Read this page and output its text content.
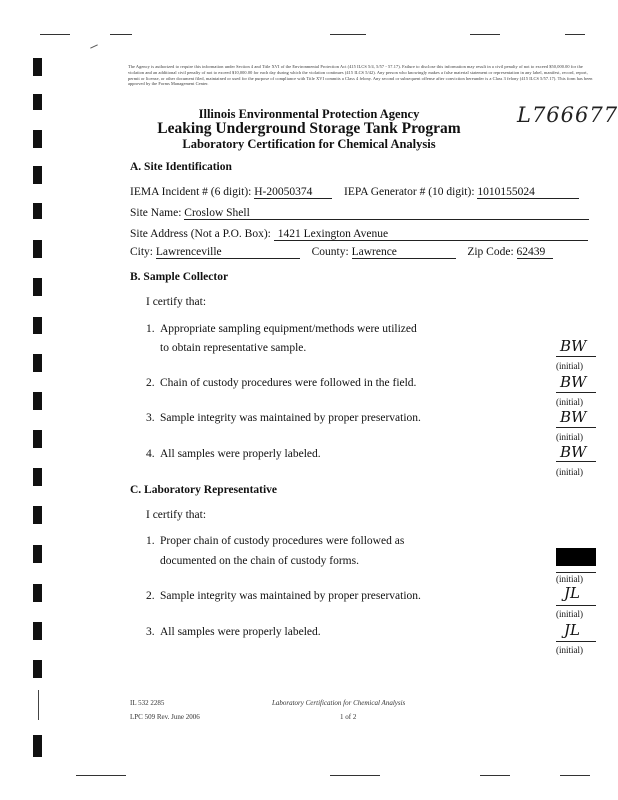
The Agency is authorized to require this information under Section 4 and Title XVI of the Environmental Protection Act (415 ILCS 5/4, 5/57 - 57.17). Failure to disclose this information may result in a civil penalty of not to exceed $50,000.00 for the violation and an additional civil penalty of not to exceed $10,000.00 for each day during which the violation continues (415 ILCS 5/42). Any person who knowingly makes a false material statement or representation in any label, manifest, record, report, permit or license, or other document filed, maintained or used for the purpose of compliance with Title XVI commits a Class 4 felony. Any second or subsequent offense after conviction hereunder is a Class 3 felony (415 ILCS 5/57.17). This form has been approved by the Forms Management Center.
L766677
Illinois Environmental Protection Agency
Leaking Underground Storage Tank Program
Laboratory Certification for Chemical Analysis
A. Site Identification
IEMA Incident # (6 digit): H-20050374	IEPA Generator # (10 digit): 1010155024
Site Name: Croslow Shell
Site Address (Not a P.O. Box): 1421 Lexington Avenue
City: Lawrenceville	County: Lawrence	Zip Code: 62439
B. Sample Collector
I certify that:
1. Appropriate sampling equipment/methods were utilized
to obtain representative sample.	BW
(initial)
2. Chain of custody procedures were followed in the field.	BW
(initial)
3. Sample integrity was maintained by proper preservation.	BW
(initial)
4. All samples were properly labeled.	BW
(initial)
C. Laboratory Representative
I certify that:
1. Proper chain of custody procedures were followed as
documented on the chain of custody forms.
(initial)
2. Sample integrity was maintained by proper preservation.	JL
(initial)
3. All samples were properly labeled.	JL
(initial)
IL 532 2285
LPC 509 Rev. June 2006
Laboratory Certification for Chemical Analysis
1 of 2
